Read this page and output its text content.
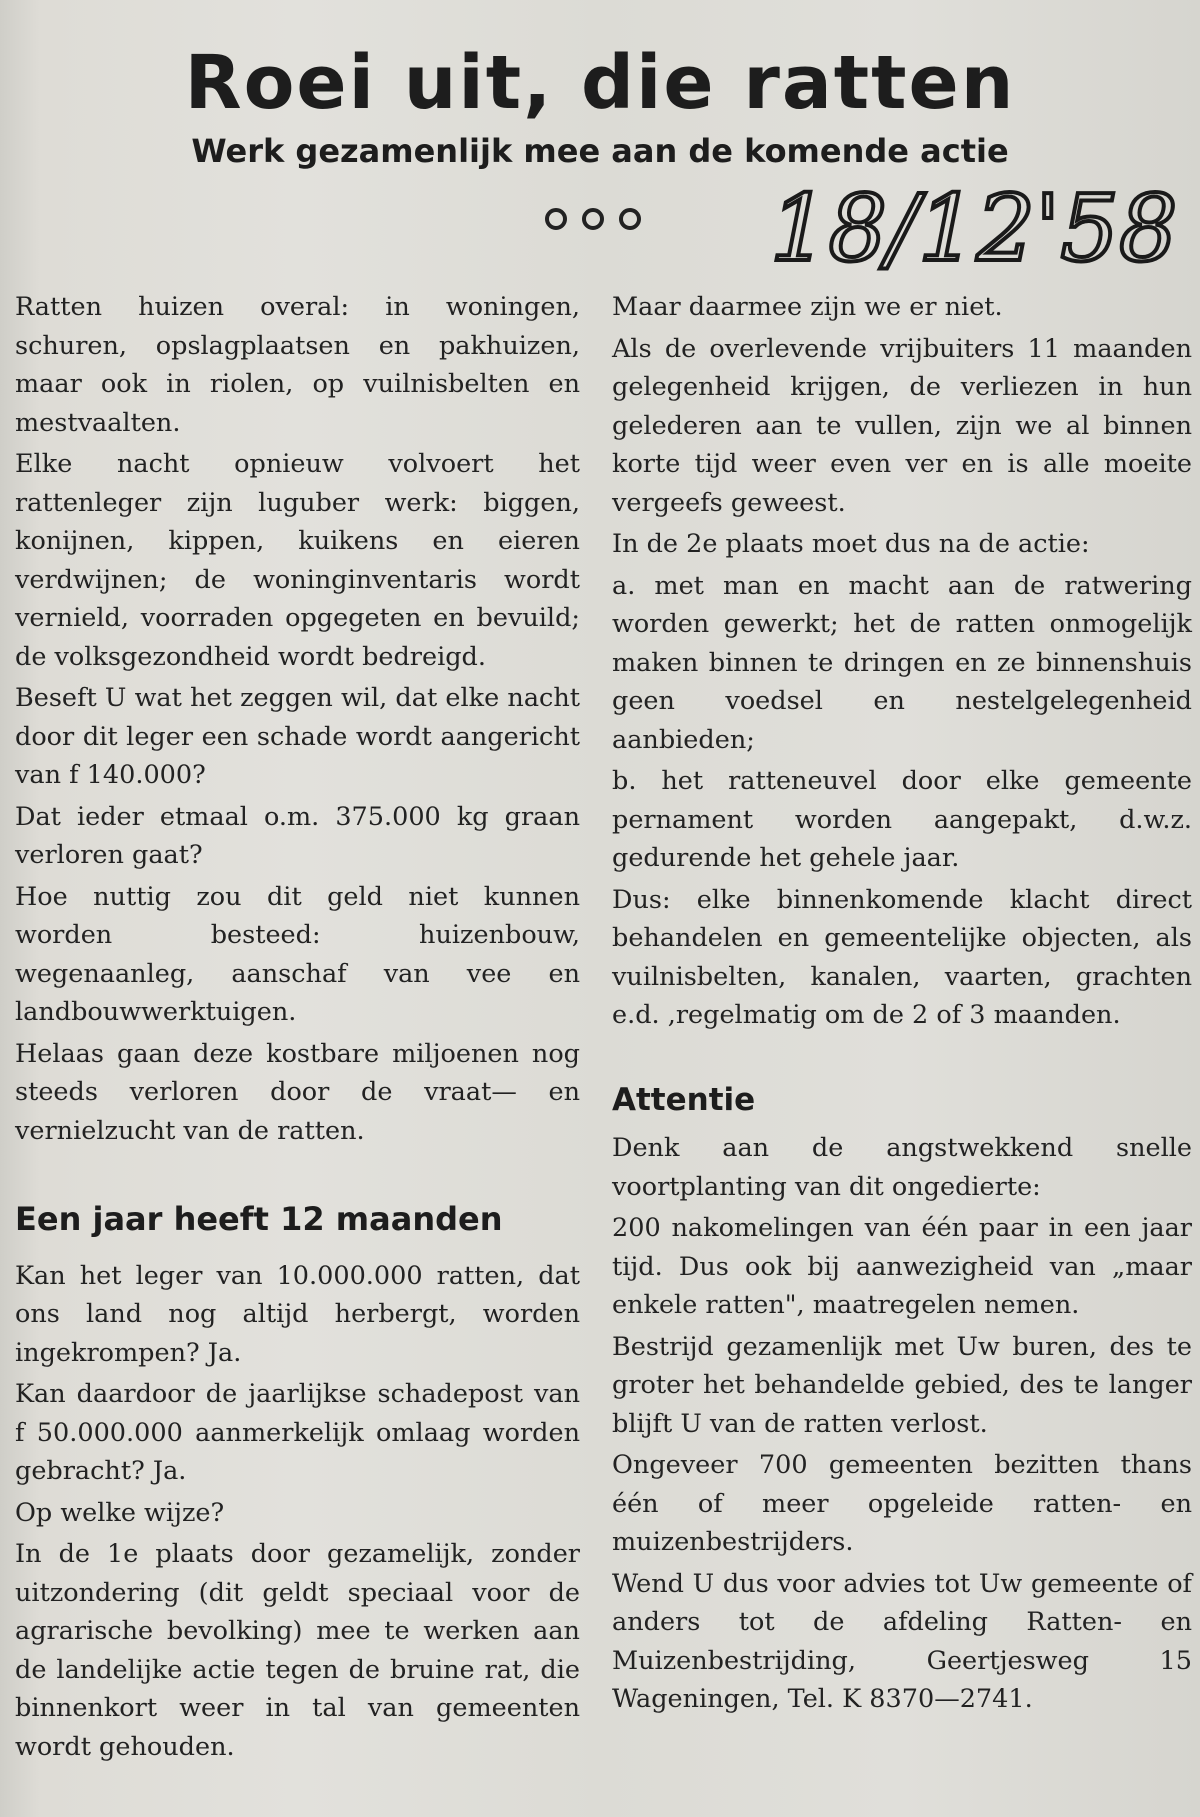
Roei uit, die ratten
Werk gezamenlijk mee aan de komende actie

18/12'58

Ratten huizen overal: in woningen, schuren, opslagplaatsen en pakhuizen, maar ook in riolen, op vuilnisbelten en mestvaalten.

Elke nacht opnieuw volvoert het rattenleger zijn luguber werk: biggen, konijnen, kippen, kuikens en eieren verdwijnen; de woninginventaris wordt vernield, voorraden opgegeten en bevuild; de volksgezondheid wordt bedreigd.

Beseft U wat het zeggen wil, dat elke nacht door dit leger een schade wordt aangericht van f 140.000?

Dat ieder etmaal o.m. 375.000 kg graan verloren gaat?

Hoe nuttig zou dit geld niet kunnen worden besteed: huizenbouw, wegenaanleg, aanschaf van vee en landbouwwerktuigen.

Helaas gaan deze kostbare miljoenen nog steeds verloren door de vraat— en vernielzucht van de ratten.

Een jaar heeft 12 maanden

Kan het leger van 10.000.000 ratten, dat ons land nog altijd herbergt, worden ingekrompen? Ja.

Kan daardoor de jaarlijkse schadepost van f 50.000.000 aanmerkelijk omlaag worden gebracht? Ja.

Op welke wijze?

In de 1e plaats door gezamelijk, zonder uitzondering (dit geldt speciaal voor de agrarische bevolking) mee te werken aan de landelijke actie tegen de bruine rat, die binnenkort weer in tal van gemeenten wordt gehouden.

Maar daarmee zijn we er niet.

Als de overlevende vrijbuiters 11 maanden gelegenheid krijgen, de verliezen in hun gelederen aan te vullen, zijn we al binnen korte tijd weer even ver en is alle moeite vergeefs geweest.

In de 2e plaats moet dus na de actie:

a. met man en macht aan de ratwering worden gewerkt; het de ratten onmogelijk maken binnen te dringen en ze binnenshuis geen voedsel en nestelgelegenheid aanbieden;

b. het ratteneuvel door elke gemeente pernament worden aangepakt, d.w.z. gedurende het gehele jaar.

Dus: elke binnenkomende klacht direct behandelen en gemeentelijke objecten, als vuilnisbelten, kanalen, vaarten, grachten e.d. ,regelmatig om de 2 of 3 maanden.

Attentie

Denk aan de angstwekkend snelle voortplanting van dit ongedierte:

200 nakomelingen van één paar in een jaar tijd. Dus ook bij aanwezigheid van „maar enkele ratten", maatregelen nemen.

Bestrijd gezamenlijk met Uw buren, des te groter het behandelde gebied, des te langer blijft U van de ratten verlost.

Ongeveer 700 gemeenten bezitten thans één of meer opgeleide ratten- en muizenbestrijders.

Wend U dus voor advies tot Uw gemeente of anders tot de afdeling Ratten- en Muizenbestrijding, Geertjesweg 15 Wageningen, Tel. K 8370—2741.
